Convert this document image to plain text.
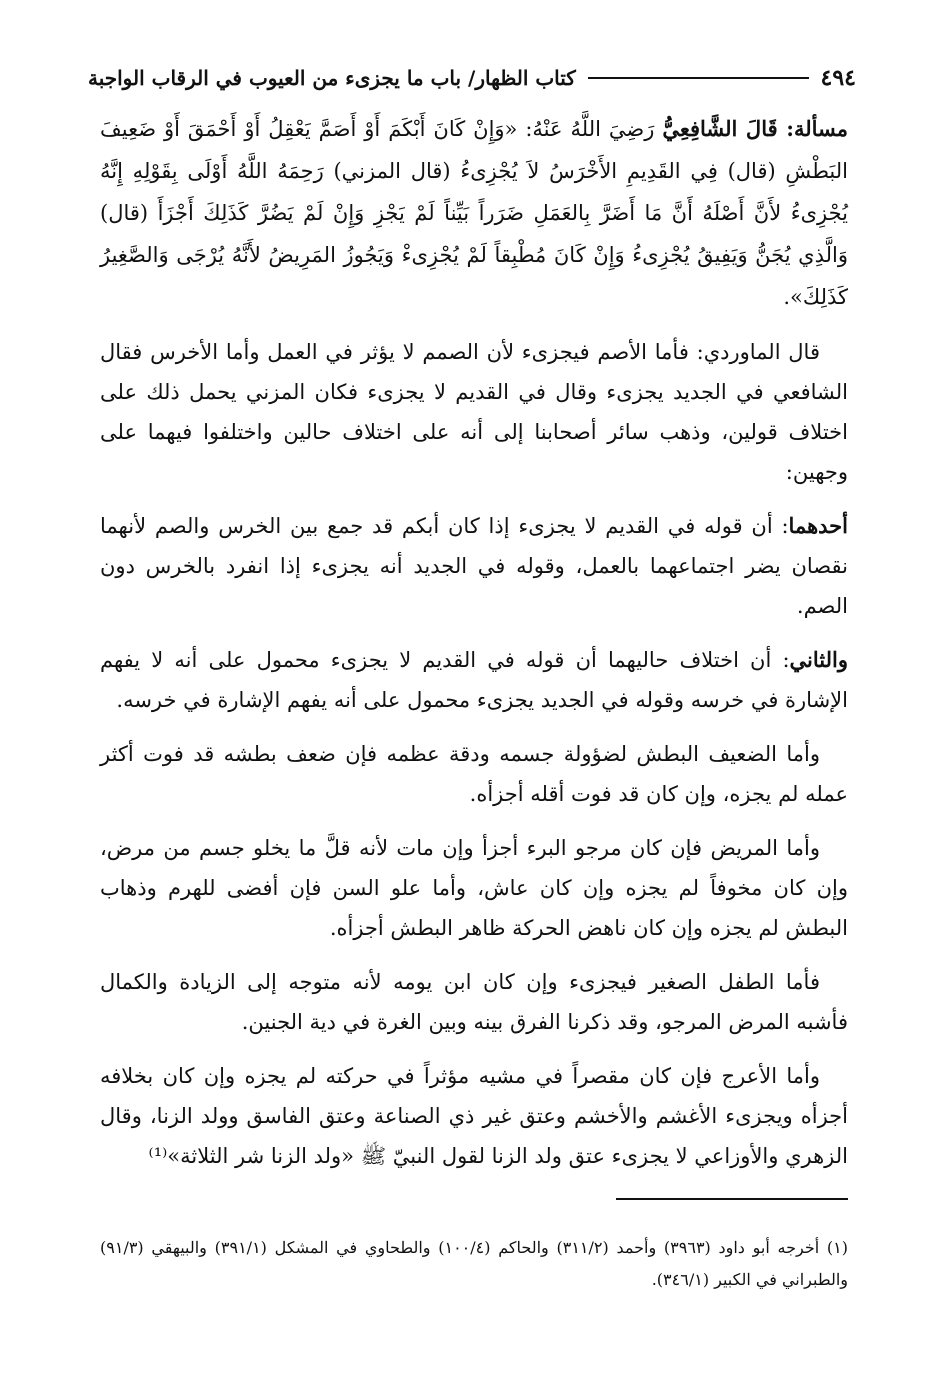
٤٩٤
كتاب الظهار/ باب ما يجزىء من العيوب في الرقاب الواجبة

مسألة: قَالَ الشَّافِعِيُّ رَضِيَ اللَّهُ عَنْهُ: «وَإِنْ كَانَ أَبْكَمَ أَوْ أَصَمَّ يَعْقِلُ أَوْ أَحْمَقَ أَوْ ضَعِيفَ البَطْشِ (قال) فِي القَدِيمِ الأَخْرَسُ لاَ يُجْزِىءُ (قال المزني) رَحِمَهُ اللَّهُ أَوْلَى بِقَوْلِهِ إِنَّهُ يُجْزِىءُ لأَنَّ أَصْلَهُ أَنَّ مَا أَضَرَّ بِالعَمَلِ ضَرَراً بَيِّناً لَمْ يَجْزِ وَإِنْ لَمْ يَضُرَّ كَذَلِكَ أَجْزَأَ (قال) وَالَّذِي يُجَنُّ وَيَفِيقُ يُجْزِىءُ وَإِنْ كَانَ مُطْبِقاً لَمْ يُجْزِىءْ وَيَجُوزُ المَرِيضُ لأَنَّهُ يُرْجَى وَالصَّغِيرُ كَذَلِكَ».

قال الماوردي: فأما الأصم فيجزىء لأن الصمم لا يؤثر في العمل وأما الأخرس فقال الشافعي في الجديد يجزىء وقال في القديم لا يجزىء فكان المزني يحمل ذلك على اختلاف قولين، وذهب سائر أصحابنا إلى أنه على اختلاف حالين واختلفوا فيهما على وجهين:

أحدهما: أن قوله في القديم لا يجزىء إذا كان أبكم قد جمع بين الخرس والصم لأنهما نقصان يضر اجتماعهما بالعمل، وقوله في الجديد أنه يجزىء إذا انفرد بالخرس دون الصم.

والثاني: أن اختلاف حاليهما أن قوله في القديم لا يجزىء محمول على أنه لا يفهم الإشارة في خرسه وقوله في الجديد يجزىء محمول على أنه يفهم الإشارة في خرسه.

وأما الضعيف البطش لضؤولة جسمه ودقة عظمه فإن ضعف بطشه قد فوت أكثر عمله لم يجزه، وإن كان قد فوت أقله أجزأه.

وأما المريض فإن كان مرجو البرء أجزأ وإن مات لأنه قلَّ ما يخلو جسم من مرض، وإن كان مخوفاً لم يجزه وإن كان عاش، وأما علو السن فإن أفضى للهرم وذهاب البطش لم يجزه وإن كان ناهض الحركة ظاهر البطش أجزأه.

فأما الطفل الصغير فيجزىء وإن كان ابن يومه لأنه متوجه إلى الزيادة والكمال فأشبه المرض المرجو، وقد ذكرنا الفرق بينه وبين الغرة في دية الجنين.

وأما الأعرج فإن كان مقصراً في مشيه مؤثراً في حركته لم يجزه وإن كان بخلافه أجزأه ويجزىء الأغشم والأخشم وعتق غير ذي الصناعة وعتق الفاسق وولد الزنا، وقال الزهري والأوزاعي لا يجزىء عتق ولد الزنا لقول النبيّ ﷺ «ولد الزنا شر الثلاثة»⁽¹⁾

(١) أخرجه أبو داود (٣٩٦٣) وأحمد (٣١١/٢) والحاكم (١٠٠/٤) والطحاوي في المشكل (٣٩١/١) والبيهقي (٩١/٣) والطبراني في الكبير (٣٤٦/١).
